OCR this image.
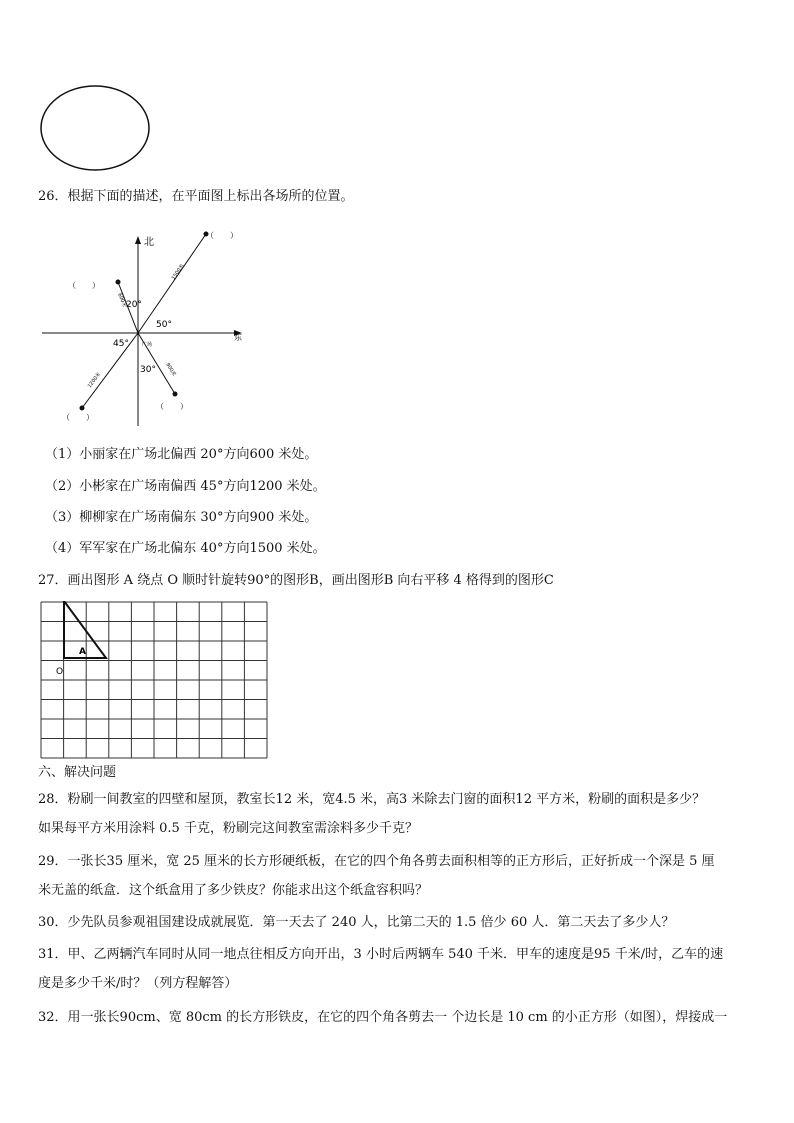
26．根据下面的描述，在平面图上标出各场所的位置。
北
东
（　　）
（　　）
（　　）
（　　）
20°
50°
45°
30°
广场
1500米
600米
1200米
900米
（1）小丽家在广场北偏西 20°方向600 米处。
（2）小彬家在广场南偏西 45°方向1200 米处。
（3）柳柳家在广场南偏东 30°方向900 米处。
（4）军军家在广场北偏东 40°方向1500 米处。
27．画出图形 A 绕点 O 顺时针旋转90°的图形B，画出图形B 向右平移 4 格得到的图形C
A
O
六、解决问题
28．粉刷一间教室的四壁和屋顶，教室长12 米，宽4.5 米，高3 米除去门窗的面积12 平方米，粉刷的面积是多少？
如果每平方米用涂料 0.5 千克，粉刷完这间教室需涂料多少千克？
29．一张长35 厘米，宽 25 厘米的长方形硬纸板，在它的四个角各剪去面积相等的正方形后，正好折成一个深是 5 厘
米无盖的纸盒．这个纸盒用了多少铁皮？你能求出这个纸盒容积吗？
30．少先队员参观祖国建设成就展览．第一天去了 240 人，比第二天的 1.5 倍少 60 人．第二天去了多少人？
31．甲、乙两辆汽车同时从同一地点往相反方向开出，3 小时后两辆车 540 千米．甲车的速度是95 千米/时，乙车的速
度是多少千米/时？（列方程解答）
32．用一张长90cm、宽 80cm 的长方形铁皮，在它的四个角各剪去一 个边长是 10 cm 的小正方形（如图），焊接成一
